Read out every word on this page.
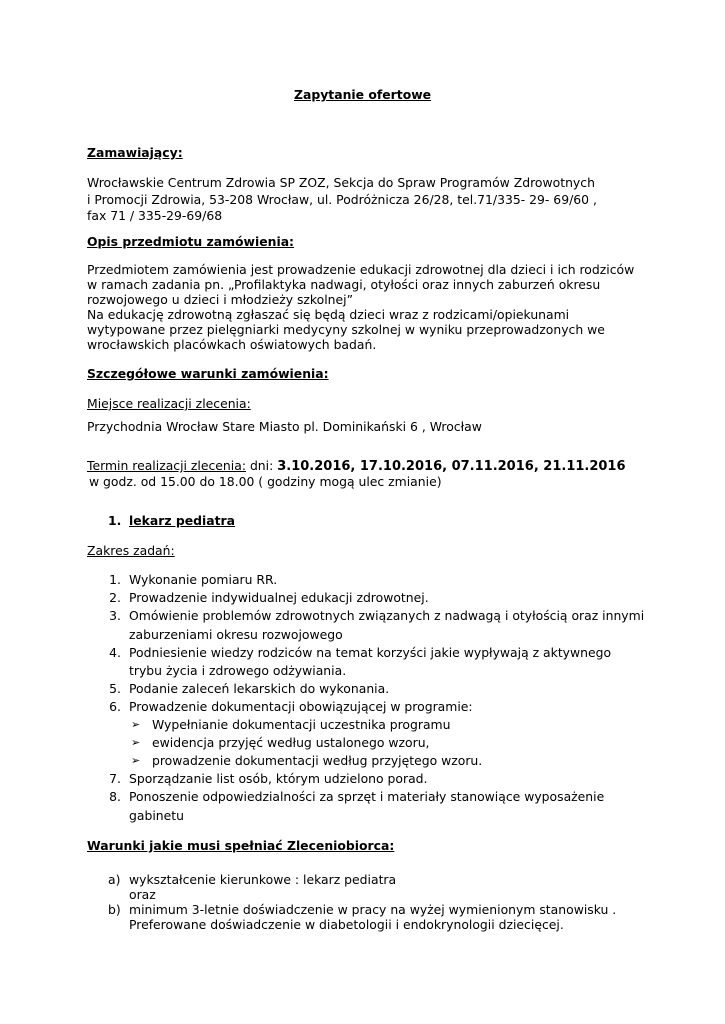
Zapytanie ofertowe
Zamawiający:
Wrocławskie Centrum Zdrowia SP ZOZ, Sekcja do Spraw Programów Zdrowotnych
i Promocji Zdrowia, 53-208 Wrocław, ul. Podróżnicza 26/28, tel.71/335- 29- 69/60 ,
fax 71 / 335-29-69/68
Opis przedmiotu zamówienia:
Przedmiotem zamówienia jest prowadzenie edukacji zdrowotnej dla dzieci i ich rodziców
w ramach zadania pn. „Profilaktyka nadwagi, otyłości oraz innych zaburzeń okresu
rozwojowego u dzieci i młodzieży szkolnej”
Na edukację zdrowotną zgłaszać się będą dzieci wraz z rodzicami/opiekunami
wytypowane przez pielęgniarki medycyny szkolnej w wyniku przeprowadzonych we
wrocławskich placówkach oświatowych badań.
Szczegółowe warunki zamówienia:
Miejsce realizacji zlecenia:
Przychodnia Wrocław Stare Miasto pl. Dominikański 6 , Wrocław
Termin realizacji zlecenia: dni: 3.10.2016, 17.10.2016, 07.11.2016, 21.11.2016
w godz. od 15.00 do 18.00 ( godziny mogą ulec zmianie)
1. lekarz pediatra
Zakres zadań:
1. Wykonanie pomiaru RR.
2. Prowadzenie indywidualnej edukacji zdrowotnej.
3. Omówienie problemów zdrowotnych związanych z nadwagą i otyłością oraz innymi
zaburzeniami okresu rozwojowego
4. Podniesienie wiedzy rodziców na temat korzyści jakie wypływają z aktywnego
trybu życia i zdrowego odżywiania.
5. Podanie zaleceń lekarskich do wykonania.
6. Prowadzenie dokumentacji obowiązującej w programie:
➢ Wypełnianie dokumentacji uczestnika programu
➢ ewidencja przyjęć według ustalonego wzoru,
➢ prowadzenie dokumentacji według przyjętego wzoru.
7. Sporządzanie list osób, którym udzielono porad.
8. Ponoszenie odpowiedzialności za sprzęt i materiały stanowiące wyposażenie
gabinetu
Warunki jakie musi spełniać Zleceniobiorca:
a) wykształcenie kierunkowe : lekarz pediatra
oraz
b) minimum 3-letnie doświadczenie w pracy na wyżej wymienionym stanowisku .
Preferowane doświadczenie w diabetologii i endokrynologii dziecięcej.
